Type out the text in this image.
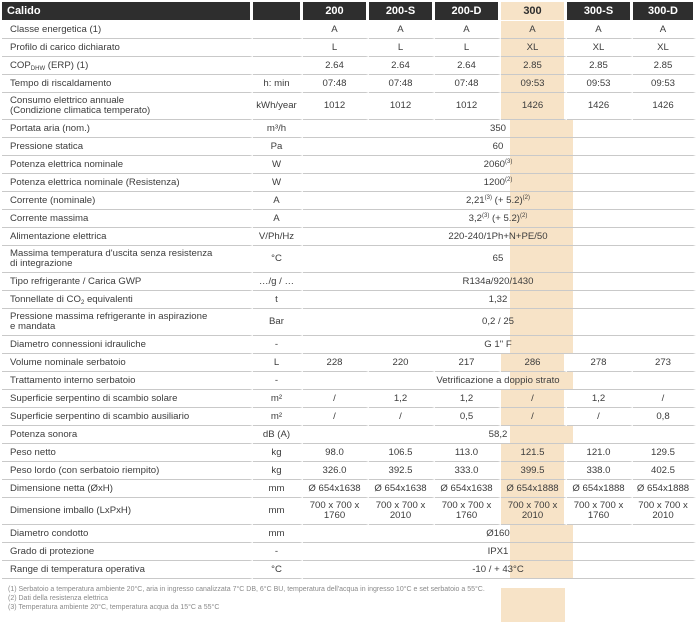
Calido		200	200-S	200-D	300	300-S	300-D
Classe energetica (1)		A	A	A	A	A	A
Profilo di carico dichiarato		L	L	L	XL	XL	XL
$COP_{DHW}$ (ERP) (1)		2.64	2.64	2.64	2.85	2.85	2.85
Tempo di riscaldamento	h: min	07:48	07:48	07:48	09:53	09:53	09:53

Consumo elettrico annuale
(Condizione climatica temperato)	kWh/year	1012	1012	1012	1426	1426	1426
Portata aria (nom.)	m³/h	350					
Pressione statica	Pa	60					
Potenza elettrica nominale	W	2060$^{(3)}$
Potenza elettrica nominale (Resistenza)	W	1200$^{(2)}$
Corrente (nominale)	A	2,21$^{(3)}$ (+ 5.2)$^{(2)}$
Corrente massima	A	3,2$^{(3)}$ (+ 5.2)$^{(2)}$
Alimentazione elettrica	V/Ph/Hz	220-240/1Ph+N+PE/50					

Massima temperatura d'uscita senza resistenza
di integrazione	°C	65					
Tipo refrigerante / Carica GWP	…/g / …	R134a/920/1430					
Tonnellate di $CO_2$ equivalenti	t	1,32					

Pressione massima refrigerante in aspirazione
e mandata	Bar	0,2 / 25					
Diametro connessioni idrauliche	-	G 1" F					
Volume nominale serbatoio	L	228	220	217	286	278	273
Trattamento interno serbatoio	-	Vetrificazione a doppio strato					
Superficie serpentino di scambio solare	m²	/	1,2	1,2	/	1,2	/
Superficie serpentino di scambio ausiliario	m²	/	/	0,5	/	/	0,8
Potenza sonora	dB (A)	58,2					
Peso netto	kg	98.0	106.5	113.0	121.5	121.0	129.5
Peso lordo (con serbatoio riempito)	kg	326.0	392.5	333.0	399.5	338.0	402.5
Dimensione netta (ØxH)	mm	Ø 654x1638	Ø 654x1638	Ø 654x1638	Ø 654x1888	Ø 654x1888	Ø 654x1888
Dimensione imballo (LxPxH)	mm	700 x 700 x 1760	700 x 700 x 2010	700 x 700 x 1760	700 x 700 x 2010	700 x 700 x 1760	700 x 700 x 2010
Diametro condotto	mm	Ø160					
Grado di protezione	-	IPX1					
Range di temperatura operativa	°C	-10 / + 43°C					
(1) Serbatoio a temperatura ambiente 20°C, aria in ingresso canalizzata 7°C DB, 6°C BU, temperatura dell'acqua in ingresso 10°C e set serbatoio a 55°C.
(2) Dati della resistenza elettrica
(3) Temperatura ambiente 20°C, temperatura acqua da 15°C a 55°C
